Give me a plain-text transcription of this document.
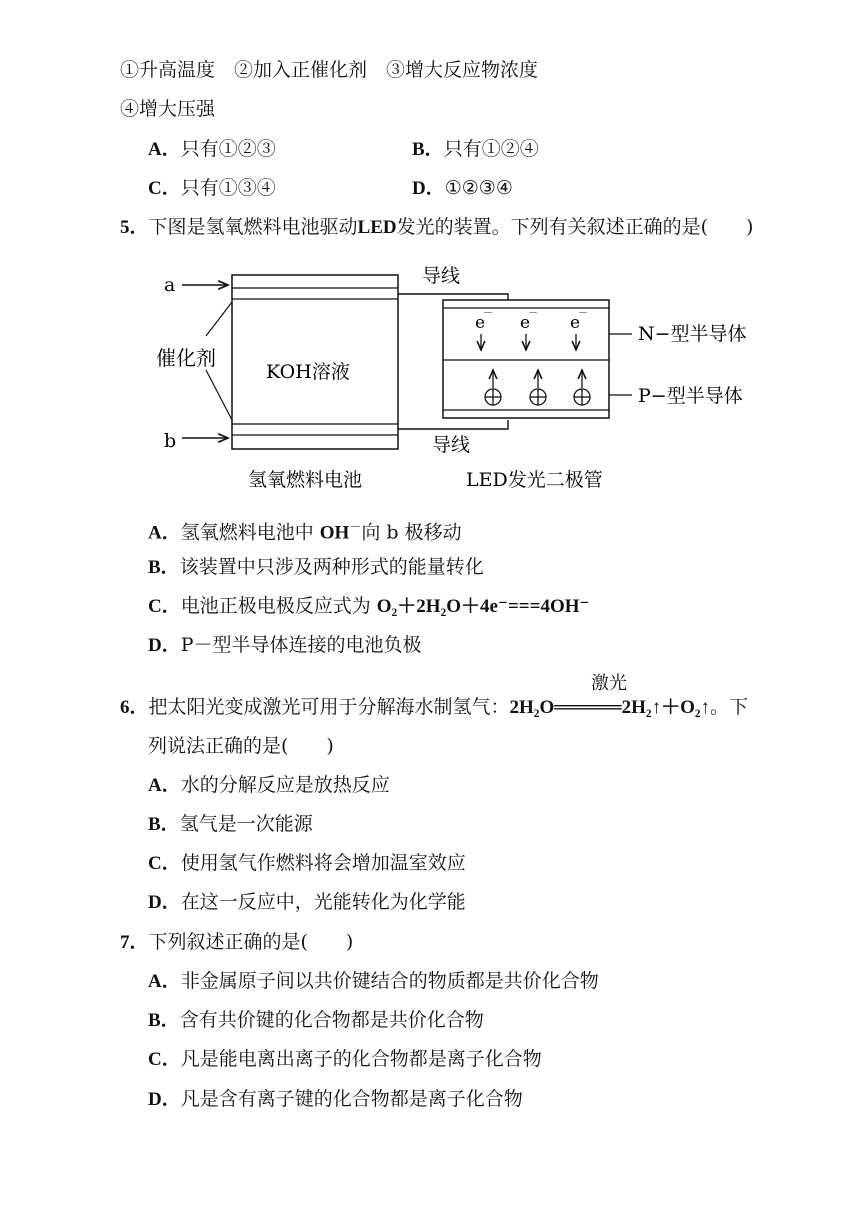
①升高温度　②加入正催化剂　③增大反应物浓度
④增大压强
A．只有①②③	B．只有①②④
C．只有①③④	D．①②③④
5．下图是氢氧燃料电池驱动LED发光的装置。下列有关叙述正确的是(　　)
a
b
催化剂
KOH溶液
导线
导线
e
－ e
－ e
－
N−型半导体
P−型半导体
氢氧燃料电池	LED发光二极管
A．氢氧燃料电池中 OH－向 b 极移动
B．该装置中只涉及两种形式的能量转化
C．电池正极电极反应式为 O₂＋2H₂O＋4e⁻===4OH⁻
D．P－型半导体连接的电池负极
激光
6．把太阳光变成激光可用于分解海水制氢气：2H₂O═════2H₂↑＋O₂↑。下
列说法正确的是(　　)
A．水的分解反应是放热反应
B．氢气是一次能源
C．使用氢气作燃料将会增加温室效应
D．在这一反应中，光能转化为化学能
7．下列叙述正确的是(　　)
A．非金属原子间以共价键结合的物质都是共价化合物
B．含有共价键的化合物都是共价化合物
C．凡是能电离出离子的化合物都是离子化合物
D．凡是含有离子键的化合物都是离子化合物
